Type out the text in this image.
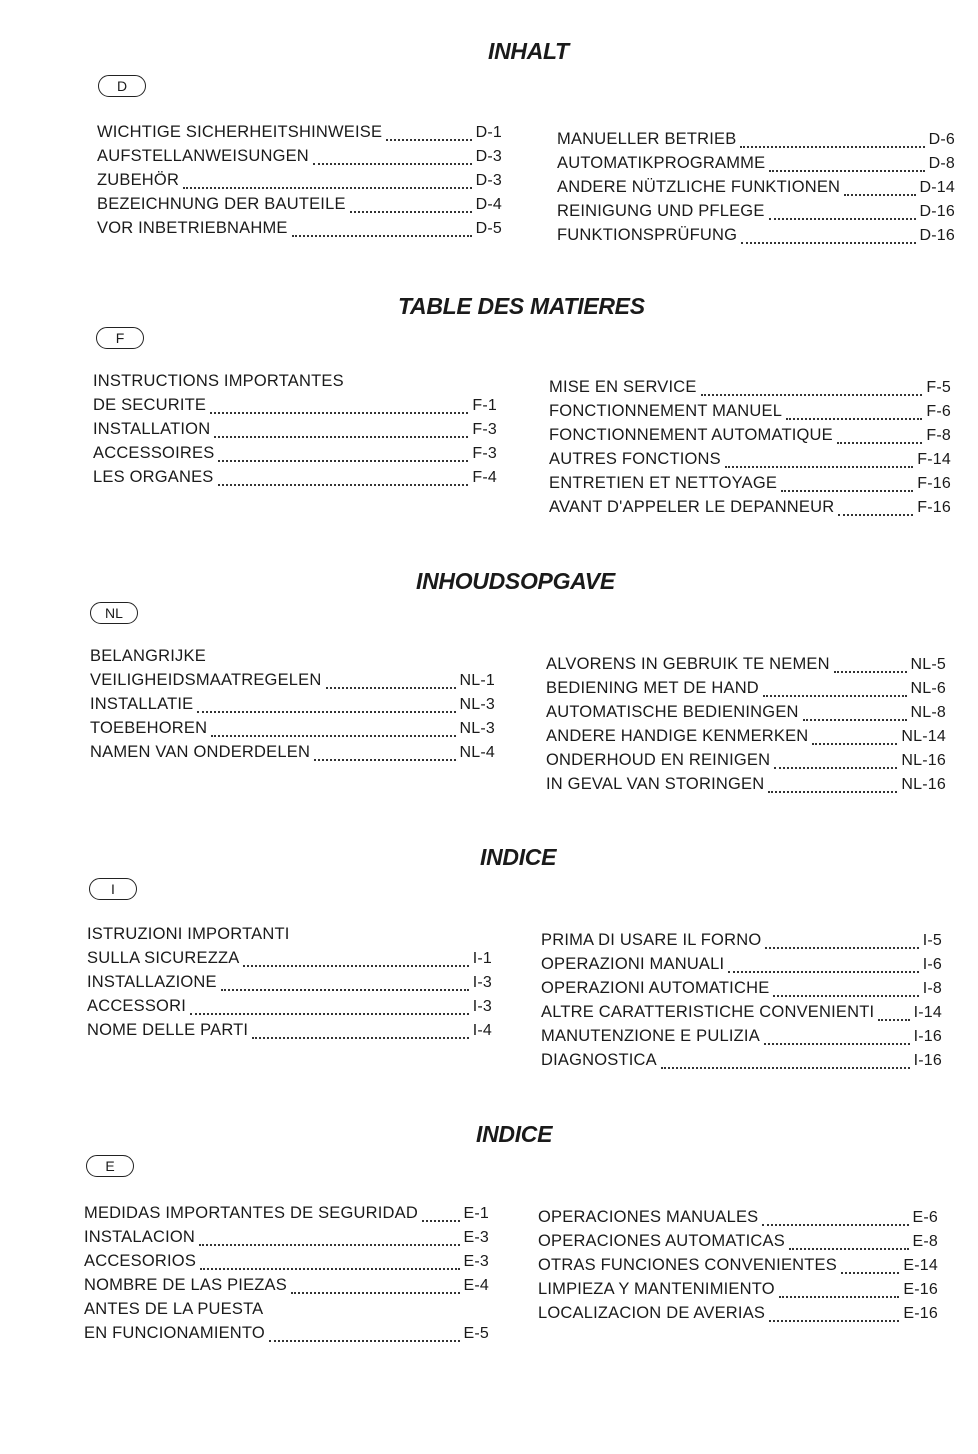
INHALT
D
WICHTIGE SICHERHEITSHINWEISE	D-1
AUFSTELLANWEISUNGEN	D-3
ZUBEHÖR	D-3
BEZEICHNUNG DER BAUTEILE	D-4
VOR INBETRIEBNAHME	D-5
MANUELLER BETRIEB	D-6
AUTOMATIKPROGRAMME	D-8
ANDERE NÜTZLICHE FUNKTIONEN	D-14
REINIGUNG UND PFLEGE	D-16
FUNKTIONSPRÜFUNG	D-16
TABLE DES MATIERES
F
INSTRUCTIONS IMPORTANTES
DE SECURITE	F-1
INSTALLATION	F-3
ACCESSOIRES	F-3
LES ORGANES	F-4
MISE EN SERVICE	F-5
FONCTIONNEMENT MANUEL	F-6
FONCTIONNEMENT AUTOMATIQUE	F-8
AUTRES FONCTIONS	F-14
ENTRETIEN ET NETTOYAGE	F-16
AVANT D'APPELER LE DEPANNEUR	F-16
INHOUDSOPGAVE
NL
BELANGRIJKE
VEILIGHEIDSMAATREGELEN	NL-1
INSTALLATIE	NL-3
TOEBEHOREN	NL-3
NAMEN VAN ONDERDELEN	NL-4
ALVORENS IN GEBRUIK TE NEMEN	NL-5
BEDIENING MET DE HAND	NL-6
AUTOMATISCHE BEDIENINGEN	NL-8
ANDERE HANDIGE KENMERKEN	NL-14
ONDERHOUD EN REINIGEN	NL-16
IN GEVAL VAN STORINGEN	NL-16
INDICE
I
ISTRUZIONI IMPORTANTI
SULLA SICUREZZA	I-1
INSTALLAZIONE	I-3
ACCESSORI	I-3
NOME DELLE PARTI	I-4
PRIMA DI USARE IL FORNO	I-5
OPERAZIONI MANUALI	I-6
OPERAZIONI AUTOMATICHE	I-8
ALTRE CARATTERISTICHE CONVENIENTI I-14
MANUTENZIONE E PULIZIA	I-16
DIAGNOSTICA	I-16
INDICE
E
MEDIDAS IMPORTANTES DE SEGURIDAD	E-1
INSTALACION	E-3
ACCESORIOS	E-3
NOMBRE DE LAS PIEZAS	E-4
ANTES DE LA PUESTA
EN FUNCIONAMIENTO	E-5
OPERACIONES MANUALES	E-6
OPERACIONES AUTOMATICAS	E-8
OTRAS FUNCIONES CONVENIENTES	E-14
LIMPIEZA Y MANTENIMIENTO	E-16
LOCALIZACION DE AVERIAS	E-16
